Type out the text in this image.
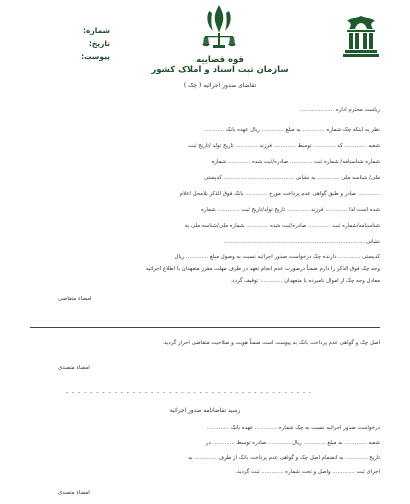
شماره:
تاریخ:
پیوست:	قوه قضاییه
سازمان ثبت اسناد و املاک کشور
تقاضای صدور اجرائیه ( چک )
ریاست محترم اداره ....................
نظر به اینکه چک شماره ............. به مبلغ ............. ریال عهده بانک ............
شعبه ............. کد ............. توسط ............. فرزند ............. تاریخ تولد /تاریخ ثبت
شماره شناسنامه/ شماره ثبت ............. صادره/ثبت شده ............. شماره
ملی/ شناسه ملی ............. به نشانی ......................................... کدپستی
............. صادر و طبق گواهی عدم پرداخت مورخ ............. بانک فوق الذکر بلامحل اعلام
شده است لذا ............. فرزند ............. تاریخ تولد/تاریخ ثبت ............. شماره
شناسنامه/شماره ثبت ............. صادره/ثبت شده ............. شماره ملی/شناسه ملی به
نشانی ..................................................................................
کدپستی ............. دارنده چک درخواست صدور اجرائیه نسبت به وصول مبلغ ............. ریال
وجه چک فوق الذکر را دارم ضمناً درصورت عدم انجام تعهد در ظرف مهلت مقرر متعهدان با اطلاع اجرائیه
معادل وجه چک از اموال نامبرده یا متعهدان ............. توقیف گردد.
امضاء متقاضی
اصل چک و گواهی عدم پرداخت بانک به پیوست است ضمناً هویت و صلاحیت متقاضی احراز گردید.
امضاء متصدی
- - - - - - - - - - - - - - - - - - - - - - - - - - - - - - - - - - - - - - - - -
رسید تقاضانامه صدور اجرائیه
درخواست صدور اجرائیه نسبت به چک شماره ............. عهده بانک .............
شعبه ............. به مبلغ ............. ریال ............. صادره توسط ............. در
تاریخ ............. به انضمام اصل چک و گواهی عدم پرداخت بانک از طرف ............. به
اجرای ثبت ............. واصل و تحت شماره ............. ثبت گردید.
امضاء متصدی
